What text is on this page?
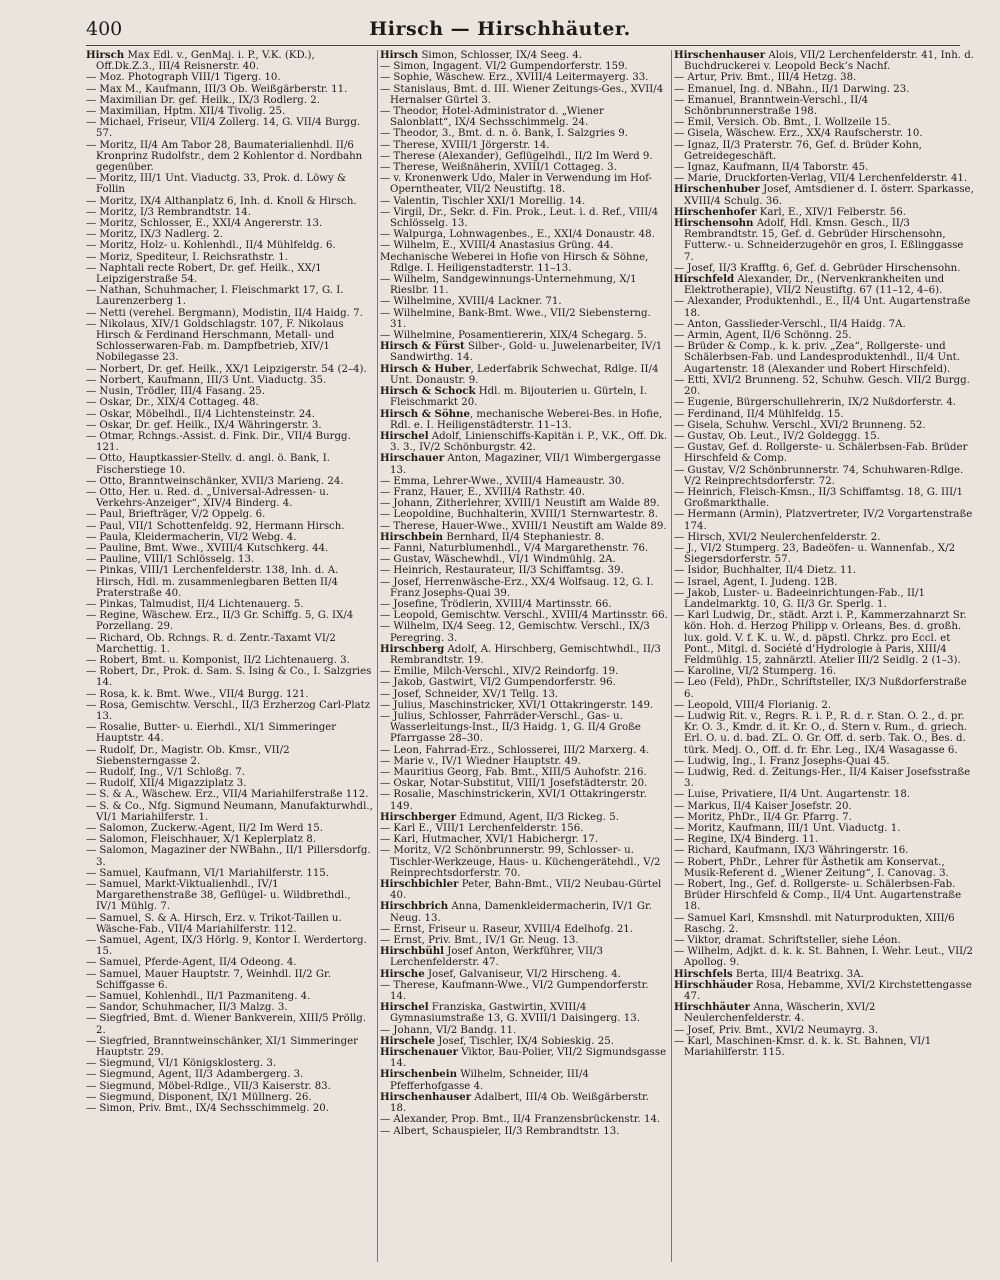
400	Hirsch — Hirschhäuter.

Hirsch Max Edl. v., GenMaj. i. P., V.K. (KD.), Off.Dk.Z.3., III/4 Reisnerstr. 40.

— Moz. Photograph VIII/1 Tigerg. 10.

— Max M., Kaufmann, III/3 Ob. Weißgärberstr. 11.

— Maximilian Dr. gef. Heilk., IX/3 Rodlerg. 2.

— Maximilian, Hptm. XII/4 Tivolig. 25.

— Michael, Friseur, VII/4 Zollerg. 14, G. VII/4 Burgg. 57.

— Moritz, II/4 Am Tabor 28, Baumaterialienhdl. II/6 Kronprinz Rudolfstr., dem 2 Kohlentor d. Nordbahn gegenüber.

— Moritz, III/1 Unt. Viaductg. 33, Prok. d. Löwy & Follin

— Moritz, IX/4 Althanplatz 6, Inh. d. Knoll & Hirsch.

— Moritz, I/3 Rembrandtstr. 14.

— Moritz, Schlosser, E., XXI/4 Angererstr. 13.

— Moritz, IX/3 Nadlerg. 2.

— Moritz, Holz- u. Kohlenhdl., II/4 Mühlfeldg. 6.

— Moriz, Spediteur, I. Reichsrathstr. 1.

— Naphtali recte Robert, Dr. gef. Heilk., XX/1 Leipzigerstraße 54.

— Nathan, Schuhmacher, I. Fleischmarkt 17, G. I. Laurenzerberg 1.

— Netti (verehel. Bergmann), Modistin, II/4 Haidg. 7.

— Nikolaus, XIV/1 Goldschlagstr. 107, F. Nikolaus Hirsch & Ferdinand Herschmann, Metall- und Schlosserwaren-Fab. m. Dampfbetrieb, XIV/1 Nobilegasse 23.

— Norbert, Dr. gef. Heilk., XX/1 Leipzigerstr. 54 (2–4).

— Norbert, Kaufmann, III/3 Unt. Viaductg. 35.

— Nusin, Trödler, III/4 Fasang. 25.

— Oskar, Dr., XIX/4 Cottageg. 48.

— Oskar, Möbelhdl., II/4 Lichtensteinstr. 24.

— Oskar, Dr. gef. Heilk., IX/4 Währingerstr. 3.

— Otmar, Rchngs.-Assist. d. Fink. Dir., VII/4 Burgg. 121.

— Otto, Hauptkassier-Stellv. d. angl. ö. Bank, I. Fischerstiege 10.

— Otto, Branntweinschänker, XVII/3 Marieng. 24.

— Otto, Her. u. Red. d. „Universal-Adressen- u. Verkehrs-Anzeiger“, XIV/4 Binderg. 4.

— Paul, Briefträger, V/2 Oppelg. 6.

— Paul, VII/1 Schottenfeldg. 92, Hermann Hirsch.

— Paula, Kleidermacherin, VI/2 Webg. 4.

— Pauline, Bmt. Wwe., XVIII/4 Kutschkerg. 44.

— Pauline, VIII/1 Schlösselg. 13.

— Pinkas, VIII/1 Lerchenfelderstr. 138, Inh. d. A. Hirsch, Hdl. m. zusammenlegbaren Betten II/4 Praterstraße 40.

— Pinkas, Talmudist, II/4 Lichtenauerg. 5.

— Regine, Wäschew. Erz., II/3 Gr. Schiffg. 5, G. IX/4 Porzellang. 29.

— Richard, Ob. Rchngs. R. d. Zentr.-Taxamt VI/2 Marchettig. 1.

— Robert, Bmt. u. Komponist, II/2 Lichtenauerg. 3.

— Robert, Dr., Prok. d. Sam. S. Ising & Co., I. Salzgries 14.

— Rosa, k. k. Bmt. Wwe., VII/4 Burgg. 121.

— Rosa, Gemischtw. Verschl., II/3 Erzherzog Carl-Platz 13.

— Rosalie, Butter- u. Eierhdl., XI/1 Simmeringer Hauptstr. 44.

— Rudolf, Dr., Magistr. Ob. Kmsr., VII/2 Siebensterngasse 2.

— Rudolf, Ing., V/1 Schloßg. 7.

— Rudolf, XII/4 Migazziplatz 3.

— S. & A., Wäschew. Erz., VII/4 Mariahilferstraße 112.

— S. & Co., Nfg. Sigmund Neumann, Manufakturwhdl., VI/1 Mariahilferstr. 1.

— Salomon, Zuckerw.-Agent, II/2 Im Werd 15.

— Salomon, Fleischhauer, X/1 Keplerplatz 8.

— Salomon, Magaziner der NWBahn., II/1 Pillersdorfg. 3.

— Samuel, Kaufmann, VI/1 Mariahilferstr. 115.

— Samuel, Markt-Viktualienhdl., IV/1 Margarethenstraße 38, Geflügel- u. Wildbrethdl., IV/1 Mühlg. 7.

— Samuel, S. & A. Hirsch, Erz. v. Trikot-Taillen u. Wäsche-Fab., VII/4 Mariahilferstr. 112.

— Samuel, Agent, IX/3 Hörlg. 9, Kontor I. Werdertorg. 15.

— Samuel, Pferde-Agent, II/4 Odeong. 4.

— Samuel, Mauer Hauptstr. 7, Weinhdl. II/2 Gr. Schiffgasse 6.

— Samuel, Kohlenhdl., II/1 Pazmaniteng. 4.

— Sandor, Schuhmacher, II/3 Malzg. 3.

— Siegfried, Bmt. d. Wiener Bankverein, XIII/5 Pröllg. 2.

— Siegfried, Branntweinschänker, XI/1 Simmeringer Hauptstr. 29.

— Siegmund, VI/1 Königsklosterg. 3.

— Siegmund, Agent, II/3 Adambergerg. 3.

— Siegmund, Möbel-Rdlge., VII/3 Kaiserstr. 83.

— Siegmund, Disponent, IX/1 Müllnerg. 26.

— Simon, Priv. Bmt., IX/4 Sechsschimmelg. 20.

Hirsch Simon, Schlosser, IX/4 Seeg. 4.

— Simon, Ingagent. VI/2 Gumpendorferstr. 159.

— Sophie, Wäschew. Erz., XVIII/4 Leitermayerg. 33.

— Stanislaus, Bmt. d. III. Wiener Zeitungs-Ges., XVII/4 Hernalser Gürtel 3.

— Theodor, Hotel-Administrator d. „Wiener Salonblatt“, IX/4 Sechsschimmelg. 24.

— Theodor, 3., Bmt. d. n. ö. Bank, I. Salzgries 9.

— Therese, XVIII/1 Jörgerstr. 14.

— Therese (Alexander), Geflügelhdl., II/2 Im Werd 9.

— Therese, Weißnäherin, XVIII/1 Cottageg. 3.

— v. Kronenwerk Udo, Maler in Verwendung im Hof-Operntheater, VII/2 Neustiftg. 18.

— Valentin, Tischler XXI/1 Morellig. 14.

— Virgil, Dr., Sekr. d. Fin. Prok., Leut. i. d. Ref., VIII/4 Schlösselg. 13.

— Walpurga, Lohnwagenbes., E., XXI/4 Donaustr. 48.

— Wilhelm, E., XVIII/4 Anastasius Grüng. 44.

Mechanische Weberei in Hofie von Hirsch & Söhne, Rdlge. I. Heiligenstadterstr. 11–13.

— Wilhelm, Sandgewinnungs-Unternehmung, X/1 Rieslbr. 11.

— Wilhelmine, XVIII/4 Lackner. 71.

— Wilhelmine, Bank-Bmt. Wwe., VII/2 Siebensterng. 31.

— Wilhelmine, Posamentiererin, XIX/4 Schegarg. 5.

Hirsch & Fürst Silber-, Gold- u. Juwelenarbeiter, IV/1 Sandwirthg. 14.

Hirsch & Huber, Lederfabrik Schwechat, Rdlge. II/4 Unt. Donaustr. 9.

Hirsch & Schock Hdl. m. Bijouterien u. Gürteln, I. Fleischmarkt 20.

Hirsch & Söhne, mechanische Weberei-Bes. in Hofie, Rdl. e. I. Heiligenstädterstr. 11–13.

Hirschel Adolf, Linienschiffs-Kapitän i. P., V.K., Off. Dk. 3. 3., IV/2 Schönburgstr. 42.

Hirschauer Anton, Magaziner, VII/1 Wimbergergasse 13.

— Emma, Lehrer-Wwe., XVIII/4 Hameaustr. 30.

— Franz, Hauer, E., XVIII/4 Rathstr. 40.

— Johann, Zitherlehrer, XVIII/1 Neustift am Walde 89.

— Leopoldine, Buchhalterin, XVIII/1 Sternwartestr. 8.

— Therese, Hauer-Wwe., XVIII/1 Neustift am Walde 89.

Hirschbein Bernhard, II/4 Stephaniestr. 8.

— Fanni, Naturblumenhdl., V/4 Margarethenstr. 76.

— Gustav, Wäschewhdl., VI/1 Windmühlg. 2A.

— Heinrich, Restaurateur, II/3 Schiffamtsg. 39.

— Josef, Herrenwäsche-Erz., XX/4 Wolfsaug. 12, G. I. Franz Josephs-Quai 39.

— Josefine, Trödlerin, XVIII/4 Martinsstr. 66.

— Leopold, Gemischtw. Verschl., XVIII/4 Martinsstr. 66.

— Wilhelm, IX/4 Seeg. 12, Gemischtw. Verschl., IX/3 Peregring. 3.

Hirschberg Adolf, A. Hirschberg, Gemischtwhdl., II/3 Rembrandtstr. 19.

— Emilie, Milch-Verschl., XIV/2 Reindorfg. 19.

— Jakob, Gastwirt, VI/2 Gumpendorferstr. 96.

— Josef, Schneider, XV/1 Tellg. 13.

— Julius, Maschinstricker, XVI/1 Ottakringerstr. 149.

— Julius, Schlosser, Fahrräder-Verschl., Gas- u. Wasserleitungs-Inst., II/3 Haidg. 1, G. II/4 Große Pfarrgasse 28–30.

— Leon, Fahrrad-Erz., Schlosserei, III/2 Marxerg. 4.

— Marie v., IV/1 Wiedner Hauptstr. 49.

— Mauritius Georg, Fab. Bmt., XIII/5 Auhofstr. 216.

— Oskar, Notar-Substitut, VIII/1 Josefstädterstr. 20.

— Rosalie, Maschinstrickerin, XVI/1 Ottakringerstr. 149.

Hirschberger Edmund, Agent, II/3 Rickeg. 5.

— Karl E., VIII/1 Lerchenfelderstr. 156.

— Karl, Hutmacher, XVI/1 Habichergr. 17.

— Moritz, V/2 Schönbrunnerstr. 99, Schlosser- u. Tischler-Werkzeuge, Haus- u. Küchengerätehdl., V/2 Reinprechtsdorferstr. 70.

Hirschbichler Peter, Bahn-Bmt., VII/2 Neubau-Gürtel 40.

Hirschbrich Anna, Damenkleidermacherin, IV/1 Gr. Neug. 13.

— Ernst, Friseur u. Raseur, XVIII/4 Edelhofg. 21.

— Ernst, Priv. Bmt., IV/1 Gr. Neug. 13.

Hirschbühl Josef Anton, Werkführer, VII/3 Lerchenfelderstr. 47.

Hirsche Josef, Galvaniseur, VI/2 Hirscheng. 4.

— Therese, Kaufmann-Wwe., VI/2 Gumpendorferstr. 14.

Hirschel Franziska, Gastwirtin, XVIII/4 Gymnasiumstraße 13, G. XVIII/1 Daisingerg. 13.

— Johann, VI/2 Bandg. 11.

Hirschele Josef, Tischler, IX/4 Sobieskig. 25.

Hirschenauer Viktor, Bau-Polier, VII/2 Sigmundsgasse 14.

Hirschenbein Wilhelm, Schneider, III/4 Pfefferhofgasse 4.

Hirschenhauser Adalbert, III/4 Ob. Weißgärberstr. 18.

— Alexander, Prop. Bmt., II/4 Franzensbrückenstr. 14.

— Albert, Schauspieler, II/3 Rembrandtstr. 13.

Hirschenhauser Alois, VII/2 Lerchenfelderstr. 41, Inh. d. Buchdruckerei v. Leopold Beck’s Nachf.

— Artur, Priv. Bmt., III/4 Hetzg. 38.

— Emanuel, Ing. d. NBahn., II/1 Darwing. 23.

— Emanuel, Branntwein-Verschl., II/4 Schönbrunnerstraße 198.

— Emil, Versich. Ob. Bmt., I. Wollzeile 15.

— Gisela, Wäschew. Erz., XX/4 Raufscherstr. 10.

— Ignaz, II/3 Praterstr. 76, Gef. d. Brüder Kohn, Getreidegeschäft.

— Ignaz, Kaufmann, II/4 Taborstr. 45.

— Marie, Druckforten-Verlag, VII/4 Lerchenfelderstr. 41.

Hirschenhuber Josef, Amtsdiener d. I. österr. Sparkasse, XVIII/4 Schulg. 36.

Hirschenhofer Karl, E., XIV/1 Felberstr. 56.

Hirschensohn Adolf, Hdl. Kmsn. Gesch., II/3 Rembrandtstr. 15, Gef. d. Gebrüder Hirschensohn, Futterw.- u. Schneiderzugehör en gros, I. Eßlinggasse 7.

— Josef, II/3 Krafftg. 6, Gef. d. Gebrüder Hirschensohn.

Hirschfeld Alexander, Dr., (Nervenkrankheiten und Elektrotherapie), VII/2 Neustiftg. 67 (11–12, 4–6).

— Alexander, Produktenhdl., E., II/4 Unt. Augartenstraße 18.

— Anton, Gasslieder-Verschl., II/4 Haidg. 7A.

— Armin, Agent, II/6 Schönng. 25.

— Brüder & Comp., k. k. priv. „Zea“, Rollgerste- und Schälerbsen-Fab. und Landesproduktenhdl., II/4 Unt. Augartenstr. 18 (Alexander und Robert Hirschfeld).

— Etti, XVI/2 Brunneng. 52, Schuhw. Gesch. VII/2 Burgg. 20.

— Eugenie, Bürgerschullehrerin, IX/2 Nußdorferstr. 4.

— Ferdinand, II/4 Mühlfeldg. 15.

— Gisela, Schuhw. Verschl., XVI/2 Brunneng. 52.

— Gustav, Ob. Leut., IV/2 Goldeggg. 15.

— Gustav, Gef. d. Rollgerste- u. Schälerbsen-Fab. Brüder Hirschfeld & Comp.

— Gustav, V/2 Schönbrunnerstr. 74, Schuhwaren-Rdlge. V/2 Reinprechtsdorferstr. 72.

— Heinrich, Fleisch-Kmsn., II/3 Schiffamtsg. 18, G. III/1 Großmarkthalle.

— Hermann (Armin), Platzvertreter, IV/2 Vorgartenstraße 174.

— Hirsch, XVI/2 Neulerchenfelderstr. 2.

— J., VI/2 Stumperg. 23, Badeöfen- u. Wannenfab., X/2 Siegersdorferstr. 57.

— Isidor, Buchhalter, II/4 Dietz. 11.

— Israel, Agent, I. Judeng. 12B.

— Jakob, Luster- u. Badeeinrichtungen-Fab., II/1 Landelmarktg. 10, G. II/3 Gr. Sperlg. 1.

— Karl Ludwig, Dr., städt. Arzt i. P., Kammerzahnarzt Sr. kön. Hoh. d. Herzog Philipp v. Orleans, Bes. d. großh. lux. gold. V. f. K. u. W., d. päpstl. Chrkz. pro Eccl. et Pont., Mitgl. d. Société d’Hydrologie à Paris, XIII/4 Feldmühlg. 15, zahnärztl. Atelier III/2 Seidlg. 2 (1–3).

— Karoline, VI/2 Stumperg. 16.

— Leo (Feld), PhDr., Schriftsteller, IX/3 Nußdorferstraße 6.

— Leopold, VIII/4 Florianig. 2.

— Ludwig Rit. v., Regrs. R. i. P., R. d. r. Stan. O. 2., d. pr. Kr. O. 3., Kmdr. d. it. Kr. O., d. Stern v. Rum., d. griech. Erl. O. u. d. bad. ZL. O. Gr. Off. d. serb. Tak. O., Bes. d. türk. Medj. O., Off. d. fr. Ehr. Leg., IX/4 Wasagasse 6.

— Ludwig, Ing., I. Franz Josephs-Quai 45.

— Ludwig, Red. d. Zeitungs-Her., II/4 Kaiser Josefsstraße 3.

— Luise, Privatiere, II/4 Unt. Augartenstr. 18.

— Markus, II/4 Kaiser Josefstr. 20.

— Moritz, PhDr., II/4 Gr. Pfarrg. 7.

— Moritz, Kaufmann, III/1 Unt. Viaductg. 1.

— Regine, IX/4 Binderg. 11.

— Richard, Kaufmann, IX/3 Währingerstr. 16.

— Robert, PhDr., Lehrer für Ästhetik am Konservat., Musik-Referent d. „Wiener Zeitung“, I. Canovag. 3.

— Robert, Ing., Gef. d. Rollgerste- u. Schälerbsen-Fab. Brüder Hirschfeld & Comp., II/4 Unt. Augartenstraße 18.

— Samuel Karl, Kmsnshdl. mit Naturprodukten, XIII/6 Raschg. 2.

— Viktor, dramat. Schriftsteller, siehe Léon.

— Wilhelm, Adjkt. d. k. k. St. Bahnen, I. Wehr. Leut., VII/2 Apollog. 9.

Hirschfels Berta, III/4 Beatrixg. 3A.

Hirschhäuder Rosa, Hebamme, XVI/2 Kirchstettengasse 47.

Hirschhäuter Anna, Wäscherin, XVI/2 Neulerchenfelderstr. 4.

— Josef, Priv. Bmt., XVI/2 Neumayrg. 3.

— Karl, Maschinen-Kmsr. d. k. k. St. Bahnen, VI/1 Mariahilferstr. 115.
